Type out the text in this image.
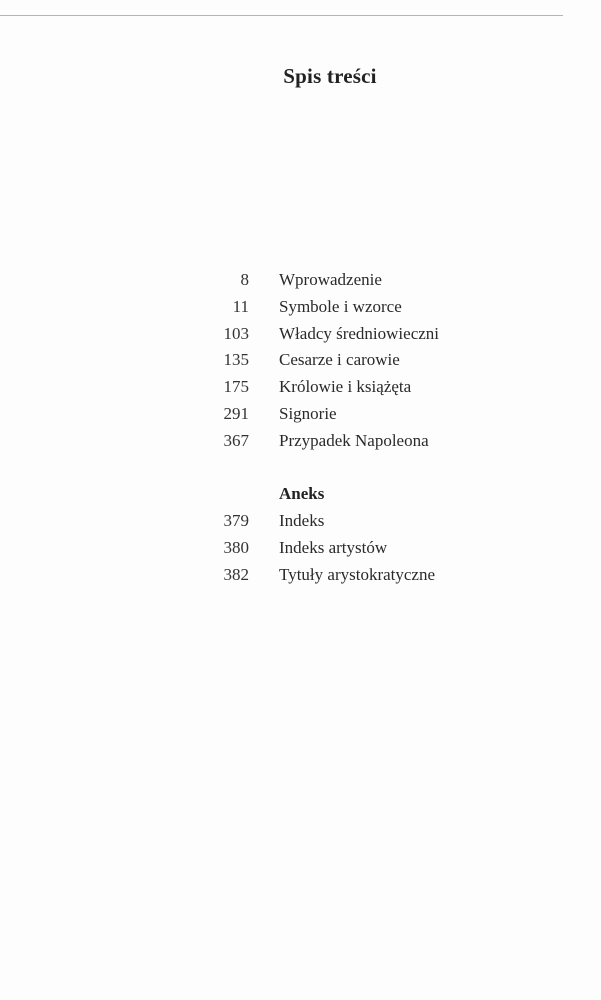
Spis treści
8 Wprowadzenie
11 Symbole i wzorce
103 Władcy średniowieczni
135 Cesarze i carowie
175 Królowie i książęta
291 Signorie
367 Przypadek Napoleona
Aneks
379 Indeks
380 Indeks artystów
382 Tytuły arystokratyczne
